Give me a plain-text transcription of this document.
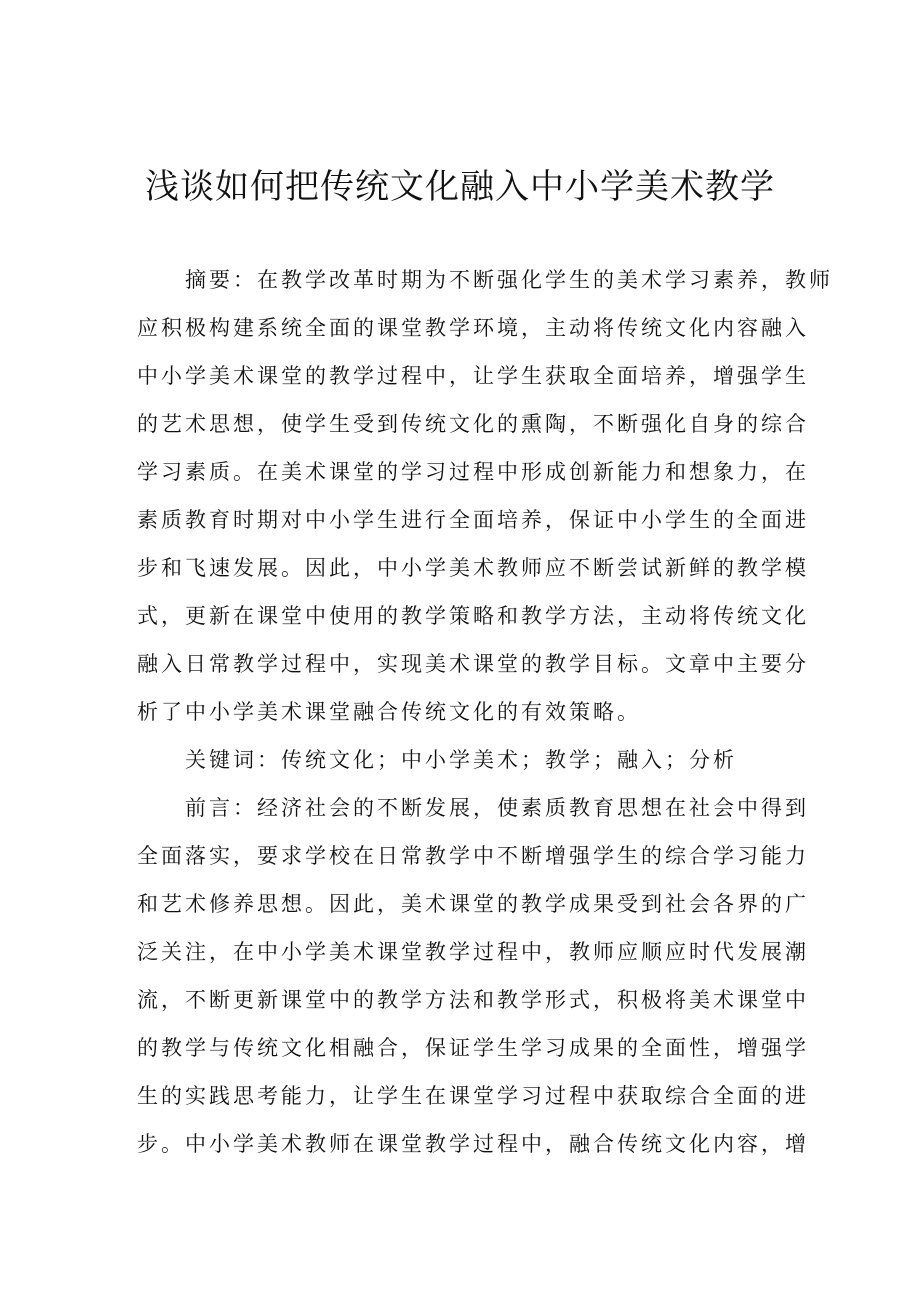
浅谈如何把传统文化融入中小学美术教学
摘要：在教学改革时期为不断强化学生的美术学习素养，教师
应积极构建系统全面的课堂教学环境，主动将传统文化内容融入
中小学美术课堂的教学过程中，让学生获取全面培养，增强学生
的艺术思想，使学生受到传统文化的熏陶，不断强化自身的综合
学习素质。在美术课堂的学习过程中形成创新能力和想象力，在
素质教育时期对中小学生进行全面培养，保证中小学生的全面进
步和飞速发展。因此，中小学美术教师应不断尝试新鲜的教学模
式，更新在课堂中使用的教学策略和教学方法，主动将传统文化
融入日常教学过程中，实现美术课堂的教学目标。文章中主要分
析了中小学美术课堂融合传统文化的有效策略。
关键词：传统文化；中小学美术；教学；融入；分析
前言：经济社会的不断发展，使素质教育思想在社会中得到
全面落实，要求学校在日常教学中不断增强学生的综合学习能力
和艺术修养思想。因此，美术课堂的教学成果受到社会各界的广
泛关注，在中小学美术课堂教学过程中，教师应顺应时代发展潮
流，不断更新课堂中的教学方法和教学形式，积极将美术课堂中
的教学与传统文化相融合，保证学生学习成果的全面性，增强学
生的实践思考能力，让学生在课堂学习过程中获取综合全面的进
步。中小学美术教师在课堂教学过程中，融合传统文化内容，增
